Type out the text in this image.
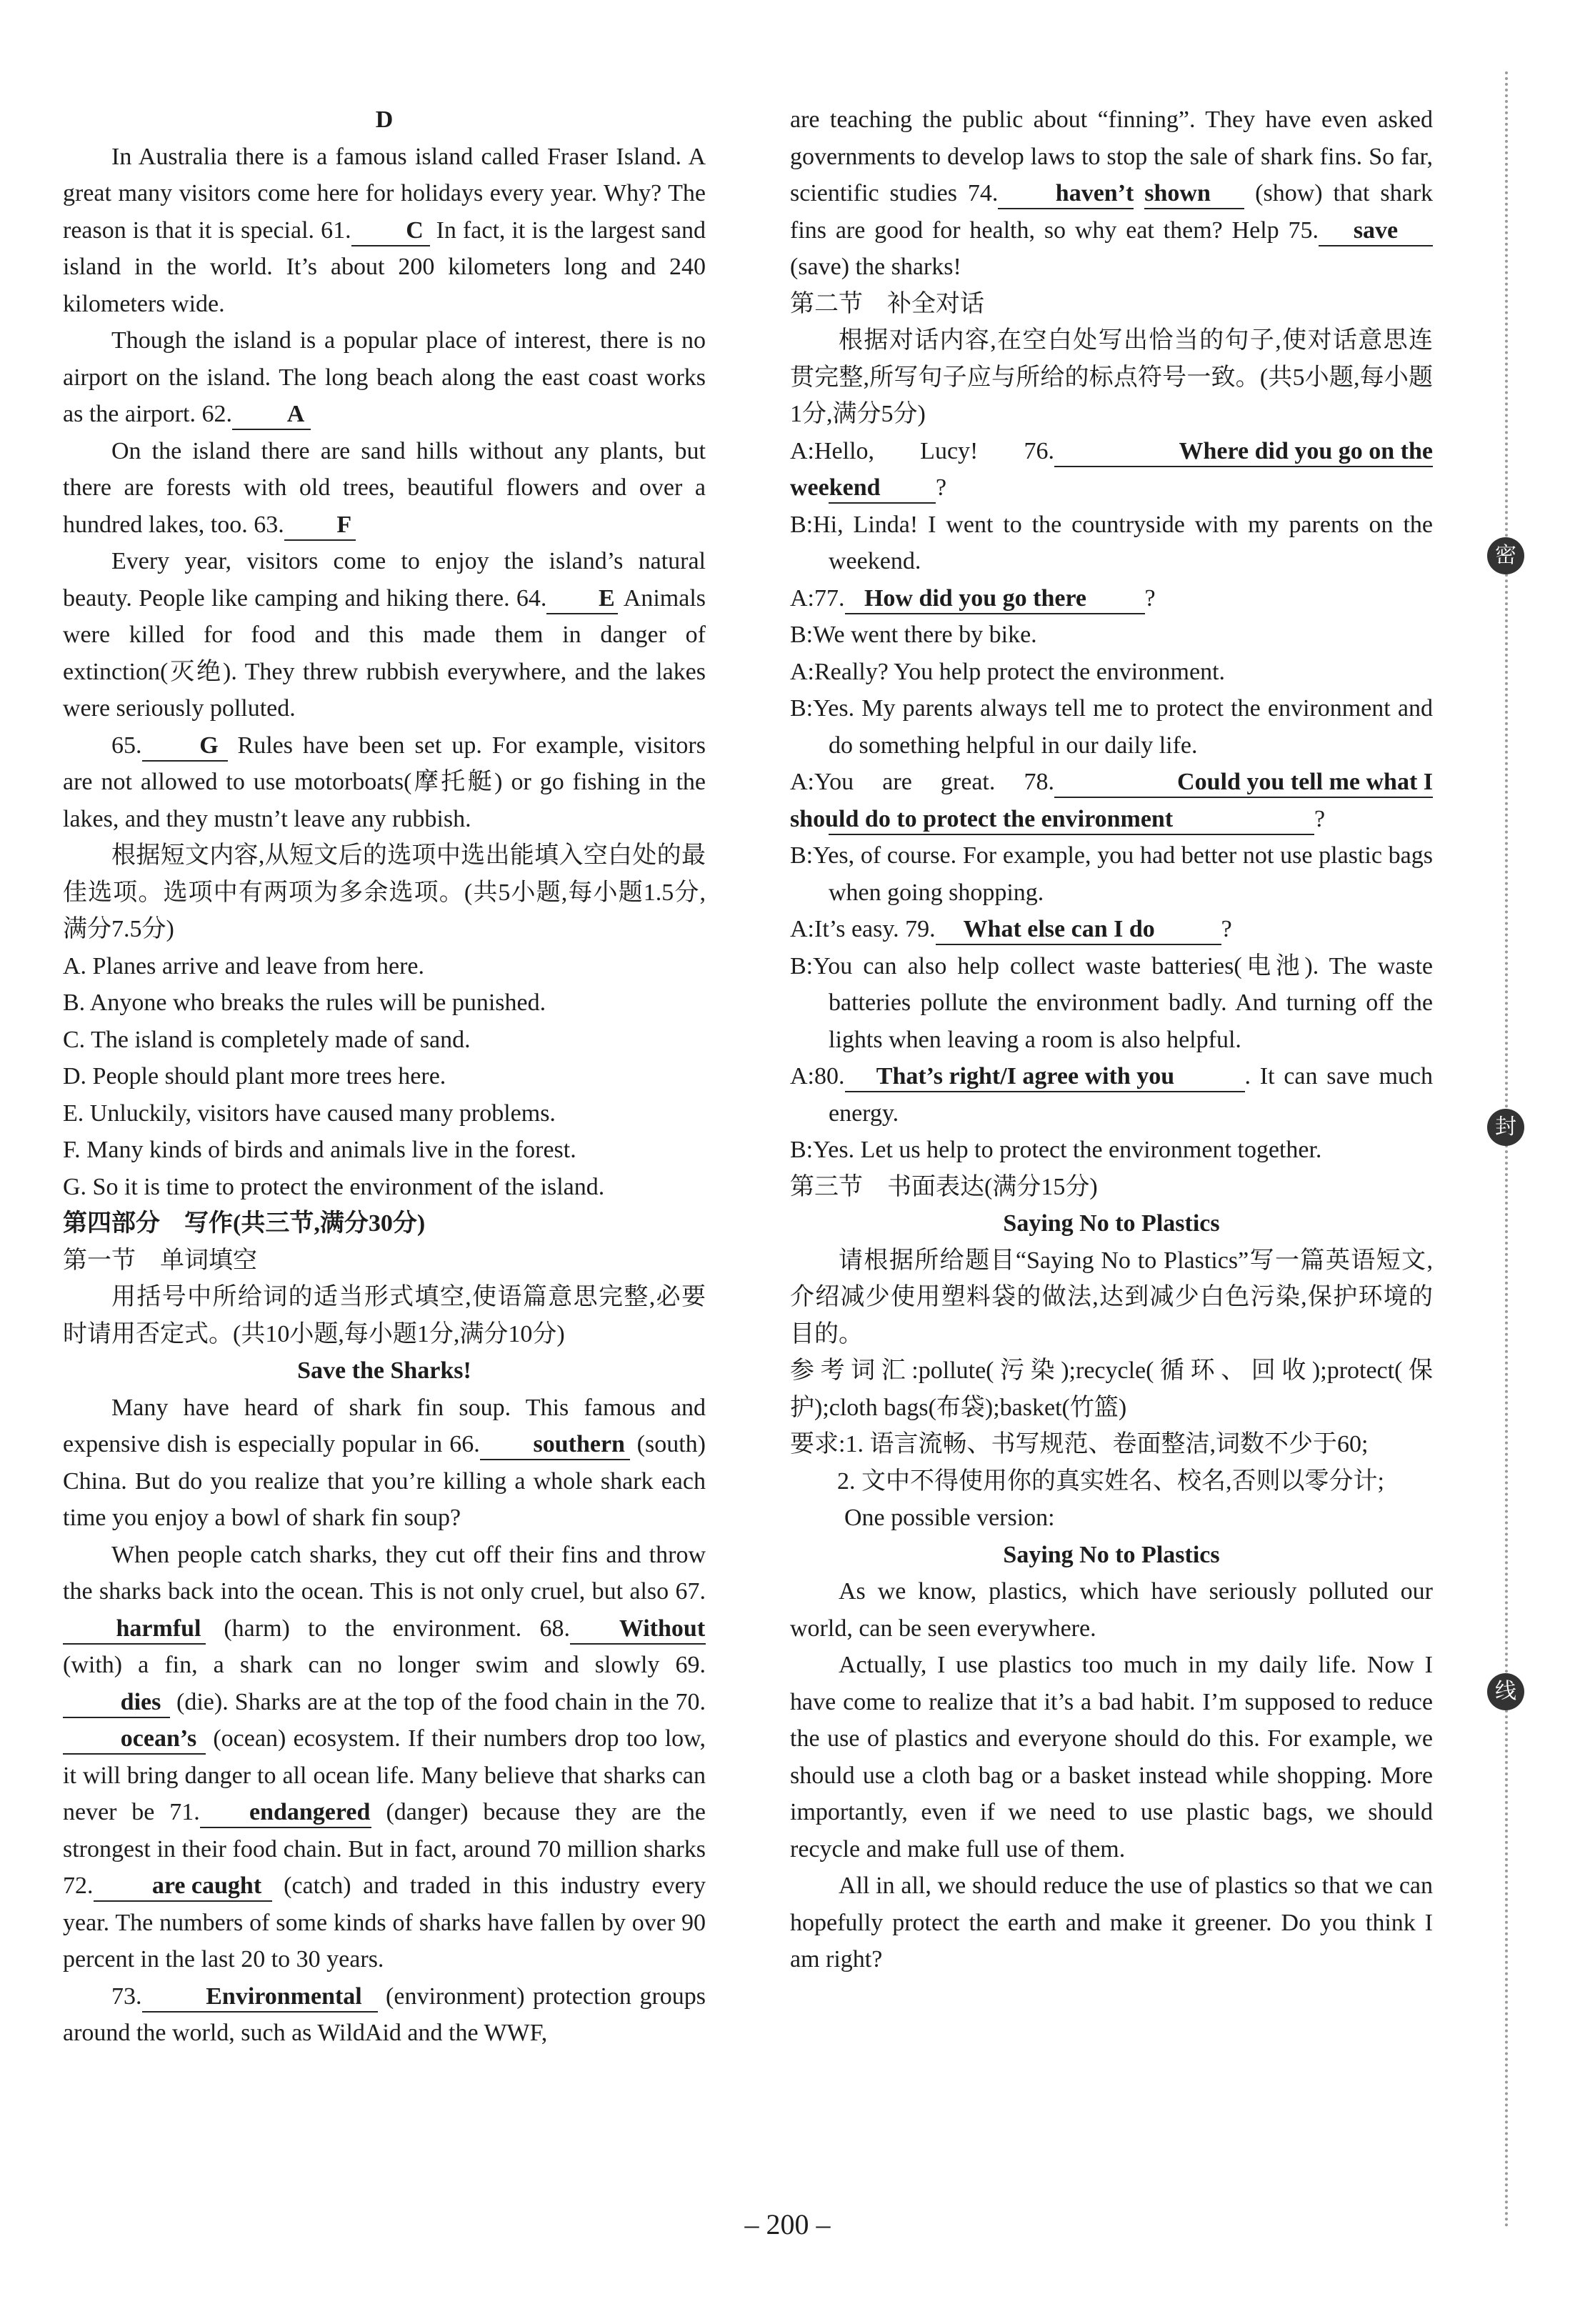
D
In Australia there is a famous island called Fraser Island. A great many visitors come here for holidays every year. Why? The reason is that it is special. 61. C In fact, it is the largest sand island in the world. It’s about 200 kilometers long and 240 kilometers wide.
Though the island is a popular place of interest, there is no airport on the island. The long beach along the east coast works as the airport. 62. A
On the island there are sand hills without any plants, but there are forests with old trees, beautiful flowers and over a hundred lakes, too. 63. F
Every year, visitors come to enjoy the island’s natural beauty. People like camping and hiking there. 64. E Animals were killed for food and this made them in danger of extinction(灭绝). They threw rubbish everywhere, and the lakes were seriously polluted.
65. G Rules have been set up. For example, visitors are not allowed to use motorboats(摩托艇) or go fishing in the lakes, and they mustn’t leave any rubbish.
根据短文内容,从短文后的选项中选出能填入空白处的最佳选项。选项中有两项为多余选项。(共5小题,每小题1.5分,满分7.5分)
A. Planes arrive and leave from here.
B. Anyone who breaks the rules will be punished.
C. The island is completely made of sand.
D. People should plant more trees here.
E. Unluckily, visitors have caused many problems.
F. Many kinds of birds and animals live in the forest.
G. So it is time to protect the environment of the island.
第四部分　写作(共三节,满分30分)
第一节　单词填空
用括号中所给词的适当形式填空,使语篇意思完整,必要时请用否定式。(共10小题,每小题1分,满分10分)
Save the Sharks!
Many have heard of shark fin soup. This famous and expensive dish is especially popular in 66. southern (south) China. But do you realize that you’re killing a whole shark each time you enjoy a bowl of shark fin soup?
When people catch sharks, they cut off their fins and throw the sharks back into the ocean. This is not only cruel, but also 67.harmful (harm) to the environment. 68. Without (with) a fin, a shark can no longer swim and slowly 69.dies (die). Sharks are at the top of the food chain in the 70.ocean’s (ocean) ecosystem. If their numbers drop too low, it will bring danger to all ocean life. Many believe that sharks can never be 71. endangered (danger) because they are the strongest in their food chain. But in fact, around 70 million sharks 72. are caught (catch) and traded in this industry every year. The numbers of some kinds of sharks have fallen by over 90 percent in the last 20 to 30 years.
73.	Environmental (environment) protection groups around the world, such as WildAid and the WWF,
are teaching the public about “finning”. They have even asked governments to develop laws to stop the sale of shark fins. So far, scientific studies 74. haven’t shown (show) that shark fins are good for health, so why eat them? Help 75. save (save) the sharks!
第二节　补全对话
根据对话内容,在空白处写出恰当的句子,使对话意思连贯完整,所写句子应与所给的标点符号一致。(共5小题,每小题1分,满分5分)
A:Hello, Lucy! 76.	Where did you go on the weekend ?
B:Hi, Linda! I went to the countryside with my parents on the weekend.
A:77. How did you go there ?
B:We went there by bike.
A:Really? You help protect the environment.
B:Yes. My parents always tell me to protect the environment and do something helpful in our daily life.
A:You are great. 78.	Could you tell me what I should do to protect the environment	?
B:Yes, of course. For example, you had better not use plastic bags when going shopping.
A:It’s easy. 79. What else can I do	?
B:You can also help collect waste batteries(电池). The waste batteries pollute the environment badly. And turning off the lights when leaving a room is also helpful.
A:80. That’s right/I agree with you	. It can save much energy.
B:Yes. Let us help to protect the environment together.
第三节　书面表达(满分15分)
Saying No to Plastics
请根据所给题目“Saying No to Plastics”写一篇英语短文,介绍减少使用塑料袋的做法,达到减少白色污染,保护环境的目的。
参考词汇:pollute(污染);recycle(循环、回收);protect(保护);cloth bags(布袋);basket(竹篮)
要求:1. 语言流畅、书写规范、卷面整洁,词数不少于60;
2. 文中不得使用你的真实姓名、校名,否则以零分计;
One possible version:
Saying No to Plastics
As we know, plastics, which have seriously polluted our world, can be seen everywhere.
Actually, I use plastics too much in my daily life. Now I have come to realize that it’s a bad habit. I’m supposed to reduce the use of plastics and everyone should do this. For example, we should use a cloth bag or a basket instead while shopping. More importantly, even if we need to use plastic bags, we should recycle and make full use of them.
All in all, we should reduce the use of plastics so that we can hopefully protect the earth and make it greener. Do you think I am right?
密
封
线
– 200 –
